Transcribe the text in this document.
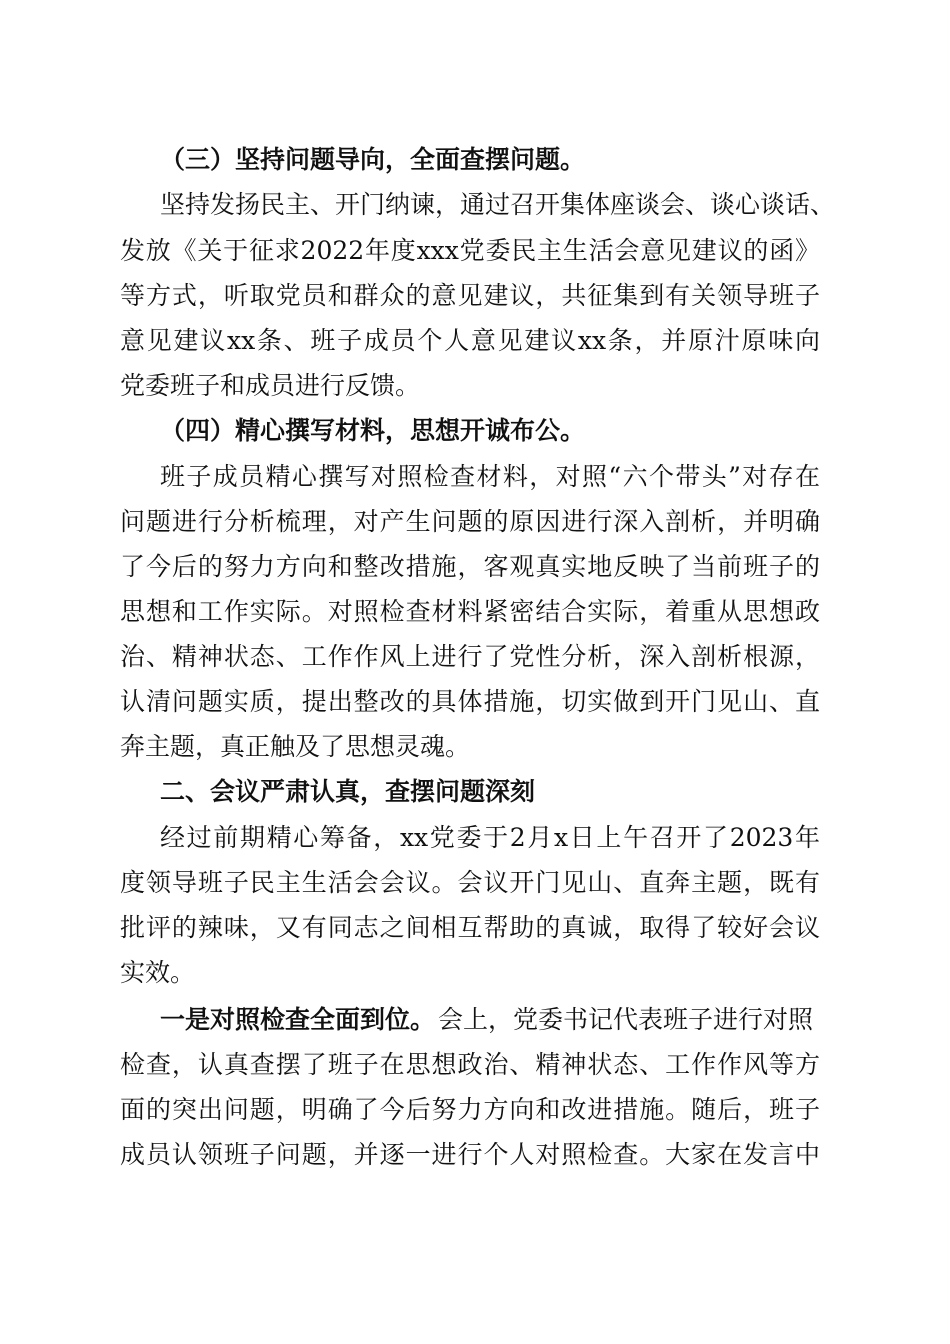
（三）坚持问题导向，全面查摆问题。
坚持发扬民主、开门纳谏，通过召开集体座谈会、谈心谈话、
发放《关于征求2022年度xxx党委民主生活会意见建议的函》
等方式，听取党员和群众的意见建议，共征集到有关领导班子
意见建议xx条、班子成员个人意见建议xx条，并原汁原味向
党委班子和成员进行反馈。
（四）精心撰写材料，思想开诚布公。
班子成员精心撰写对照检查材料，对照“六个带头”对存在
问题进行分析梳理，对产生问题的原因进行深入剖析，并明确
了今后的努力方向和整改措施，客观真实地反映了当前班子的
思想和工作实际。对照检查材料紧密结合实际，着重从思想政
治、精神状态、工作作风上进行了党性分析，深入剖析根源，
认清问题实质，提出整改的具体措施，切实做到开门见山、直
奔主题，真正触及了思想灵魂。
二、会议严肃认真，查摆问题深刻
经过前期精心筹备，xx党委于2月x日上午召开了2023年
度领导班子民主生活会会议。会议开门见山、直奔主题，既有
批评的辣味，又有同志之间相互帮助的真诚，取得了较好会议
实效。
一是对照检查全面到位。 会上，党委书记代表班子进行对照
检查，认真查摆了班子在思想政治、精神状态、工作作风等方
面的突出问题，明确了今后努力方向和改进措施。随后，班子
成员认领班子问题，并逐一进行个人对照检查。大家在发言中
